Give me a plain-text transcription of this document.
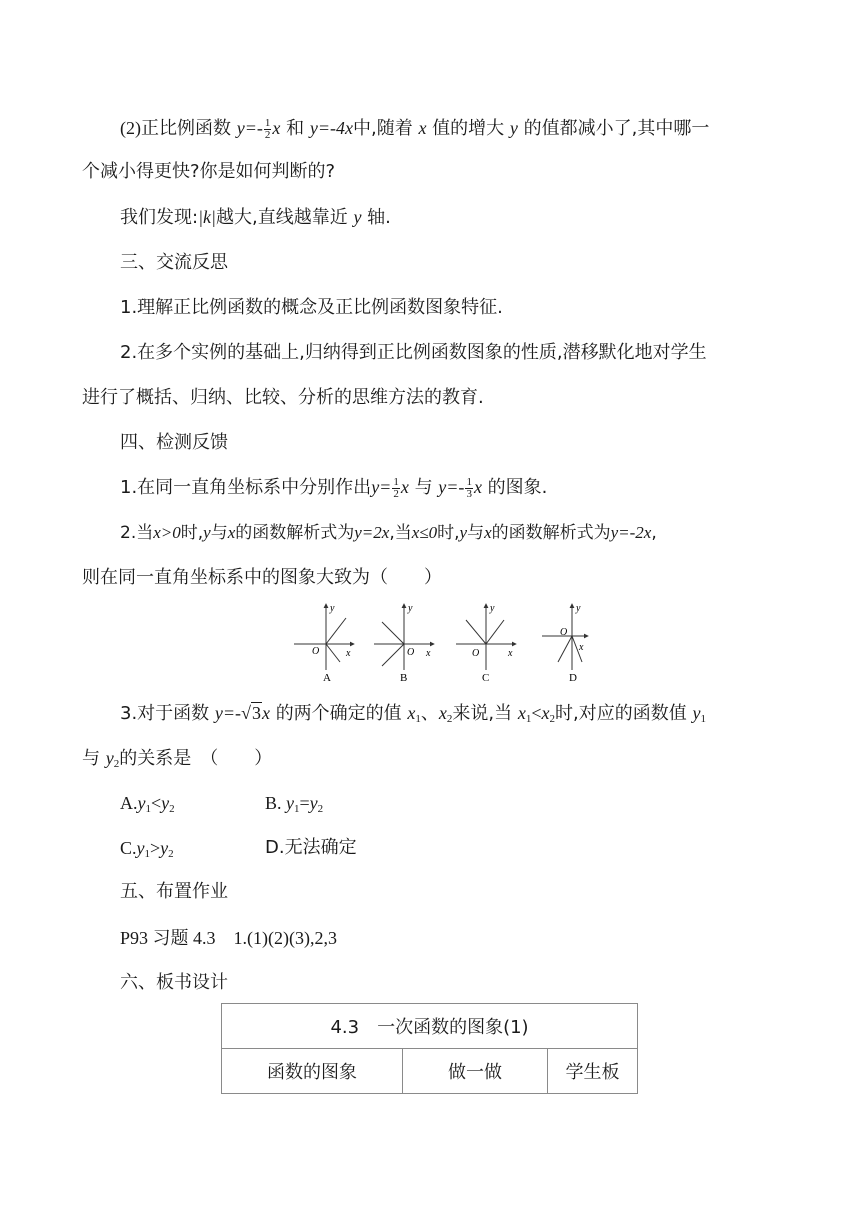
(2)正比例函数 $y=- \frac{1}{2}$ x 和 y=-4x中,随着 x 值的增大 y 的值都减小了,其中哪一
个减小得更快?你是如何判断的?
我们发现:|k|越大,直线越靠近 y 轴.
三、交流反思
1.理解正比例函数的概念及正比例函数图象特征.
2.在多个实例的基础上,归纳得到正比例函数图象的性质,潜移默化地对学生
进行了概括、归纳、比较、分析的思维方法的教育.
四、检测反馈
1.在同一直角坐标系中分别作出$y= \frac{1}{2}$ x 与 $y=- \frac{1}{3}$ x 的图象.
2.当x>0时,y与x的函数解析式为y=2x,当x≤0时,y与x的函数解析式为y=-2x,
则在同一直角坐标系中的图象大致为（　　）
y
x
O
A
y
x
O
B
y
x
O
C
y
x
O
D
3.对于函数 y=-√3x 的两个确定的值 $x_1$、$x_2$来说,当 $x_1<x_2$时,对应的函数值 $y_1$
与 $y_2$的关系是　（　　）
$A.y_1<y_2$	B. $y_1=y_2$
$C.y_1>y_2$	D.无法确定
五、布置作业
P93 习题 4.3　1.(1)(2)(3),2,3
六、板书设计
4.3　一次函数的图象(1)
函数的图象	做一做	学生板
